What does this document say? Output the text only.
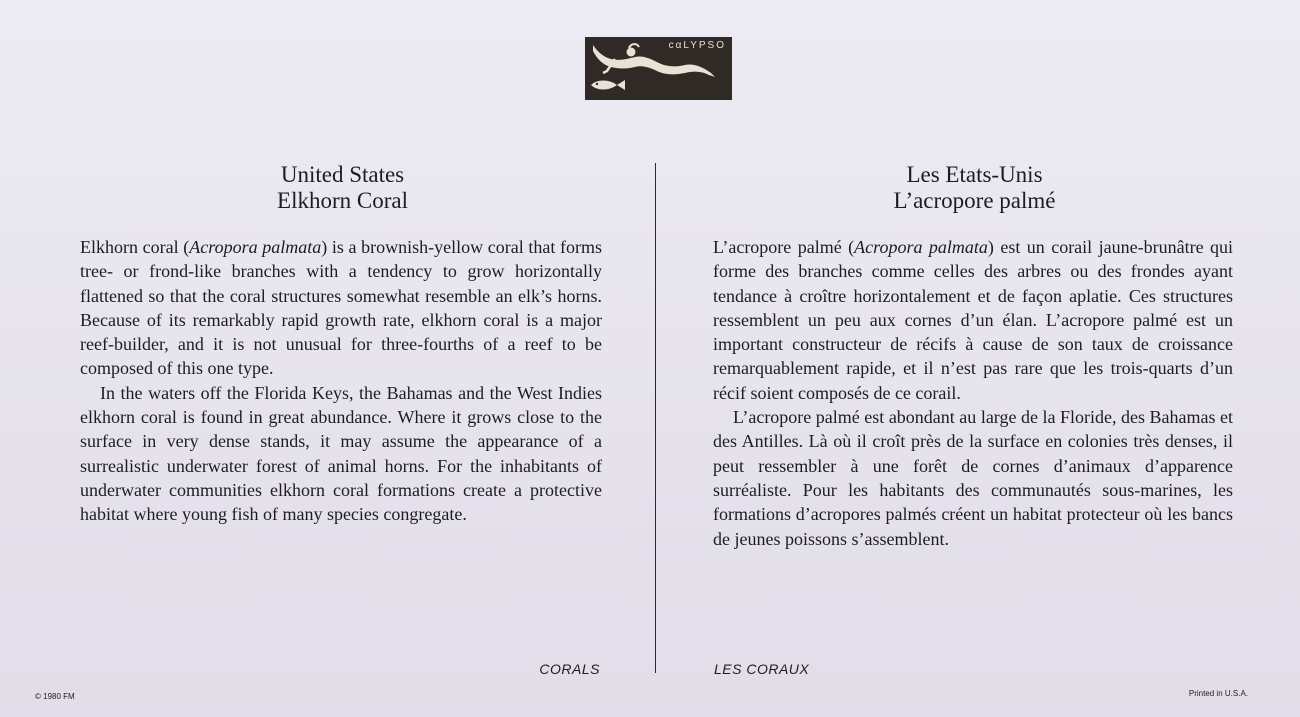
cαLYPSO
United States
Elkhorn Coral

Elkhorn coral (Acropora palmata) is a brownish-yellow coral that forms tree- or frond-like branches with a tendency to grow horizontally flattened so that the coral structures somewhat resemble an elk’s horns. Because of its remarkably rapid growth rate, elkhorn coral is a major reef-builder, and it is not unusual for three-fourths of a reef to be composed of this one type.

In the waters off the Florida Keys, the Bahamas and the West Indies elkhorn coral is found in great abundance. Where it grows close to the surface in very dense stands, it may assume the appearance of a surrealistic underwater forest of animal horns. For the inhabitants of underwater communities elkhorn coral formations create a protective habitat where young fish of many species congregate.

Les Etats-Unis
L’acropore palmé

L’acropore palmé (Acropora palmata) est un corail jaune-brunâtre qui forme des branches comme celles des arbres ou des frondes ayant tendance à croître horizontalement et de façon aplatie. Ces structures ressemblent un peu aux cornes d’un élan. L’acropore palmé est un important constructeur de récifs à cause de son taux de croissance remarquablement rapide, et il n’est pas rare que les trois-quarts d’un récif soient composés de ce corail.

L’acropore palmé est abondant au large de la Floride, des Bahamas et des Antilles. Là où il croît près de la surface en colonies très denses, il peut ressembler à une forêt de cornes d’animaux d’apparence surréaliste. Pour les habitants des communautés sous-marines, les formations d’acropores palmés créent un habitat protecteur où les bancs de jeunes poissons s’assemblent.

CORALS	LES CORAUX
© 1980 FM	Printed in U.S.A.
